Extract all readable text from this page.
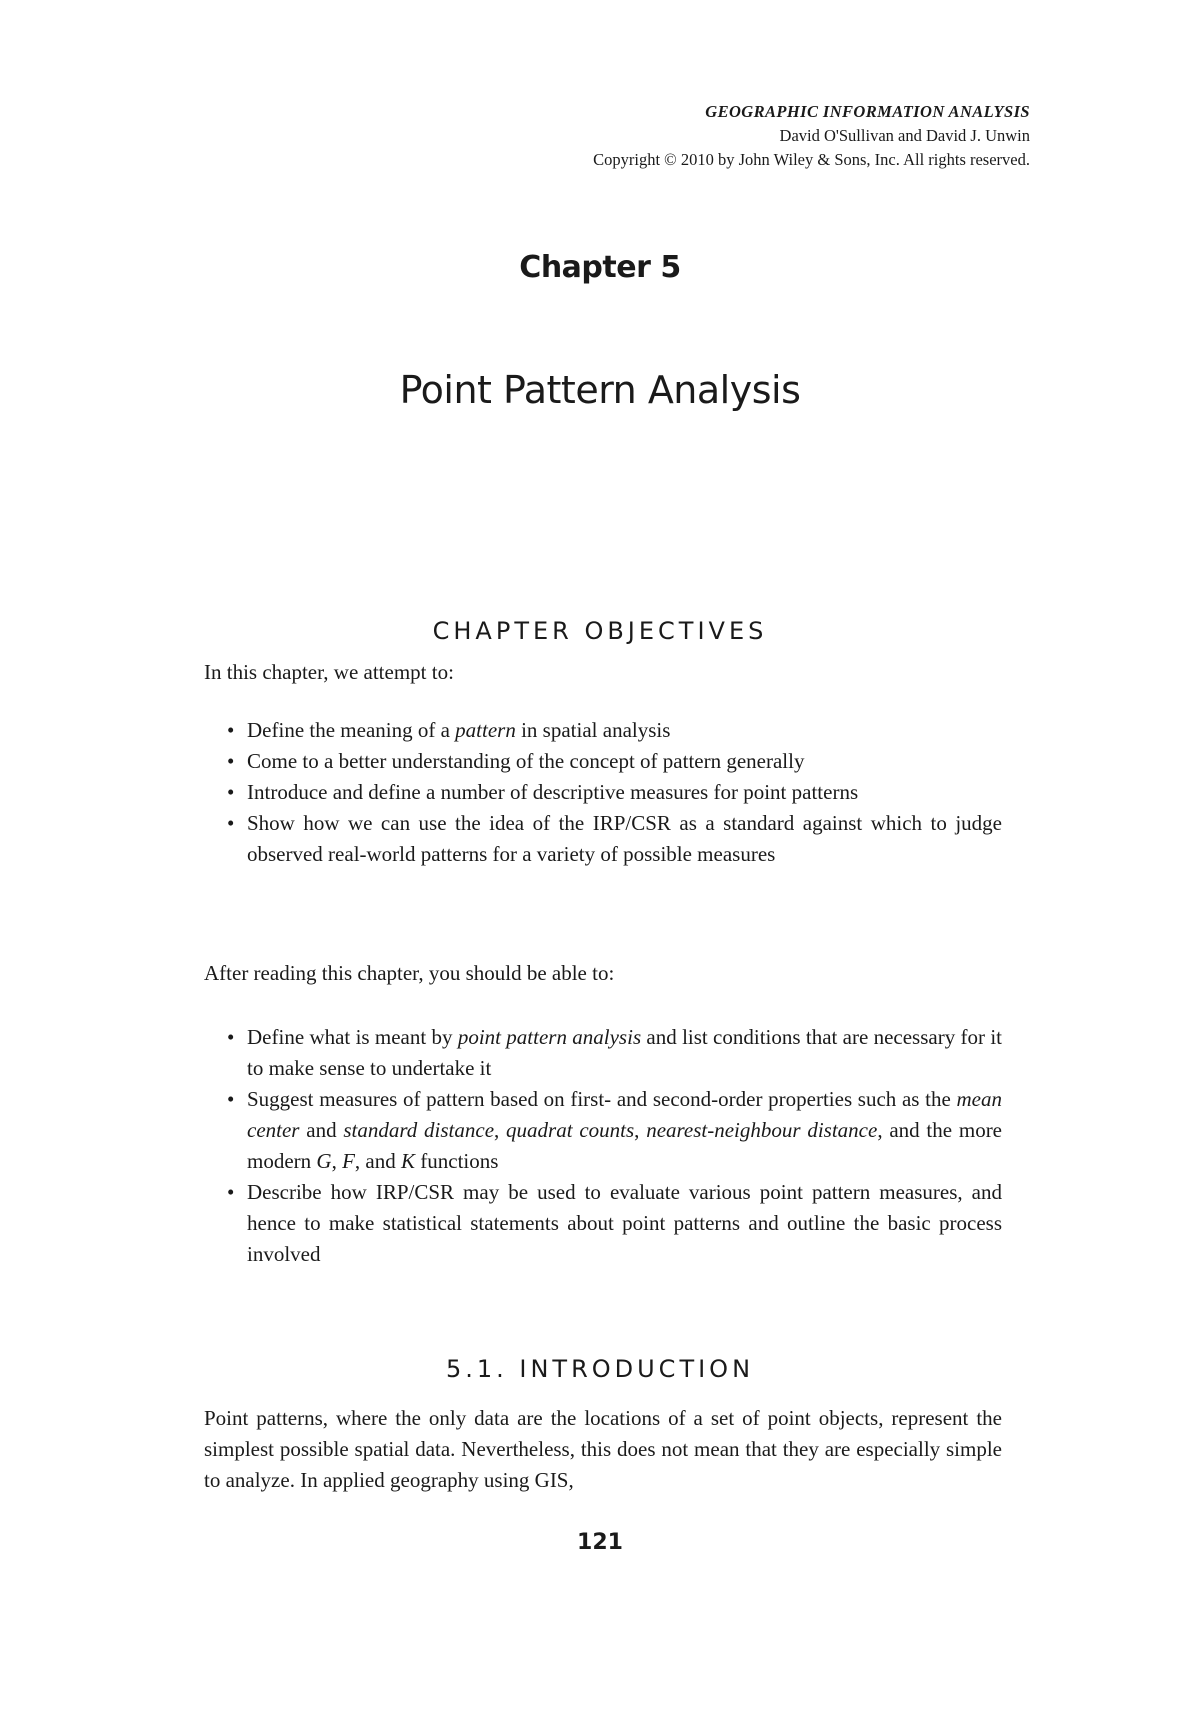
GEOGRAPHIC INFORMATION ANALYSIS
David O'Sullivan and David J. Unwin
Copyright © 2010 by John Wiley & Sons, Inc. All rights reserved.
Chapter 5
Point Pattern Analysis
CHAPTER OBJECTIVES

In this chapter, we attempt to:

• Define the meaning of a pattern in spatial analysis
• Come to a better understanding of the concept of pattern generally
• Introduce and define a number of descriptive measures for point patterns
• Show how we can use the idea of the IRP/CSR as a standard against which to judge observed real-world patterns for a variety of possible measures

After reading this chapter, you should be able to:

• Define what is meant by point pattern analysis and list conditions that are necessary for it to make sense to undertake it
• Suggest measures of pattern based on first- and second-order properties such as the mean center and standard distance, quadrat counts, nearest-neighbour distance, and the more modern G, F, and K functions
• Describe how IRP/CSR may be used to evaluate various point pattern measures, and hence to make statistical statements about point patterns and outline the basic process involved
5.1. INTRODUCTION

Point patterns, where the only data are the locations of a set of point objects, represent the simplest possible spatial data. Nevertheless, this does not mean that they are especially simple to analyze. In applied geography using GIS,

121
